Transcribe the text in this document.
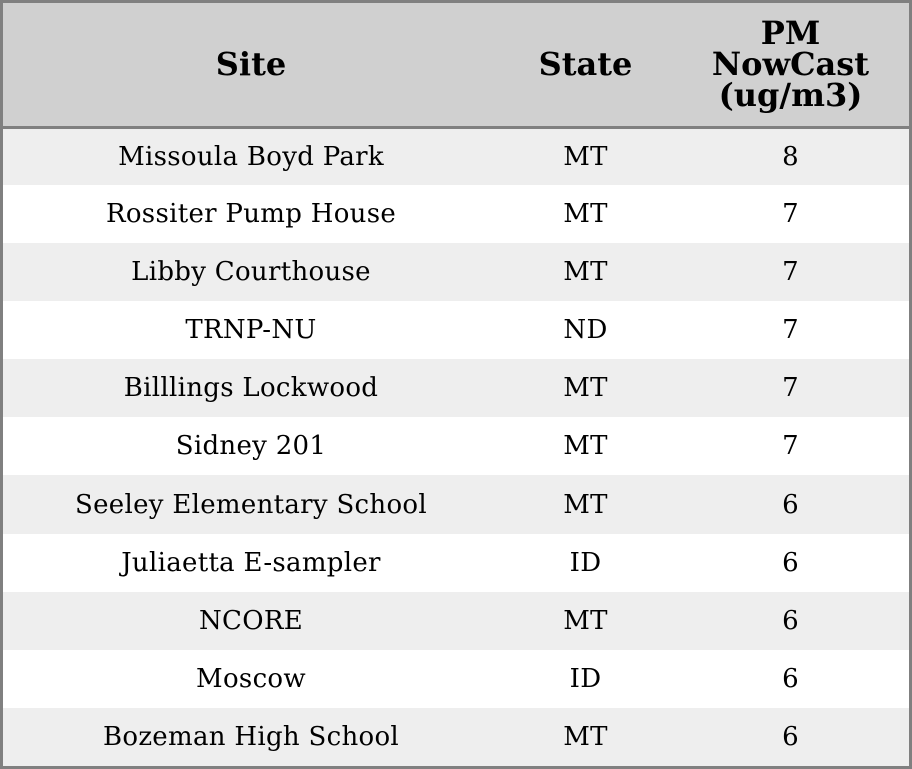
Site	State	PM
NowCast
(ug/m3)
Missoula Boyd Park	MT	8
Rossiter Pump House	MT	7
Libby Courthouse	MT	7
TRNP-NU	ND	7
Billlings Lockwood	MT	7
Sidney 201	MT	7
Seeley Elementary School	MT	6
Juliaetta E-sampler	ID	6
NCORE	MT	6
Moscow	ID	6
Bozeman High School	MT	6
